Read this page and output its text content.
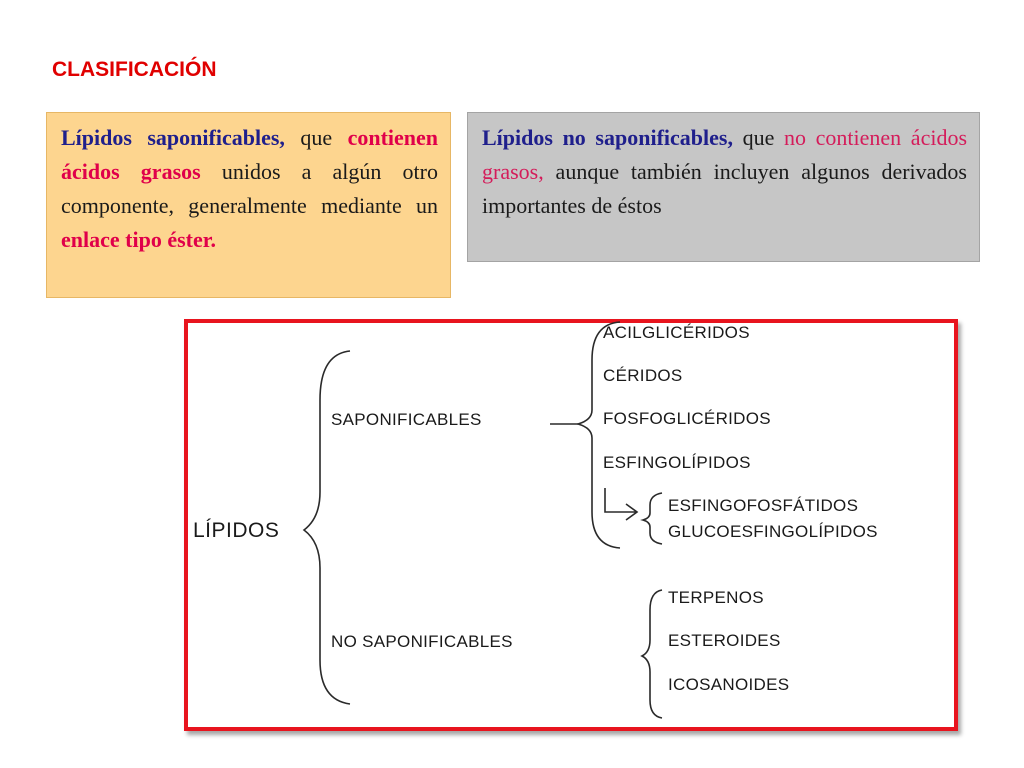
CLASIFICACIÓN
Lípidos saponificables, que contienen ácidos grasos unidos a algún otro componente, generalmente mediante un enlace tipo éster.
Lípidos no saponificables, que no contienen ácidos grasos, aunque también incluyen algunos derivados importantes de éstos
LÍPIDOS
SAPONIFICABLES
NO SAPONIFICABLES
ACILGLICÉRIDOS
CÉRIDOS
FOSFOGLICÉRIDOS
ESFINGOLÍPIDOS
ESFINGOFOSFÁTIDOS
GLUCOESFINGOLÍPIDOS
TERPENOS
ESTEROIDES
ICOSANOIDES
